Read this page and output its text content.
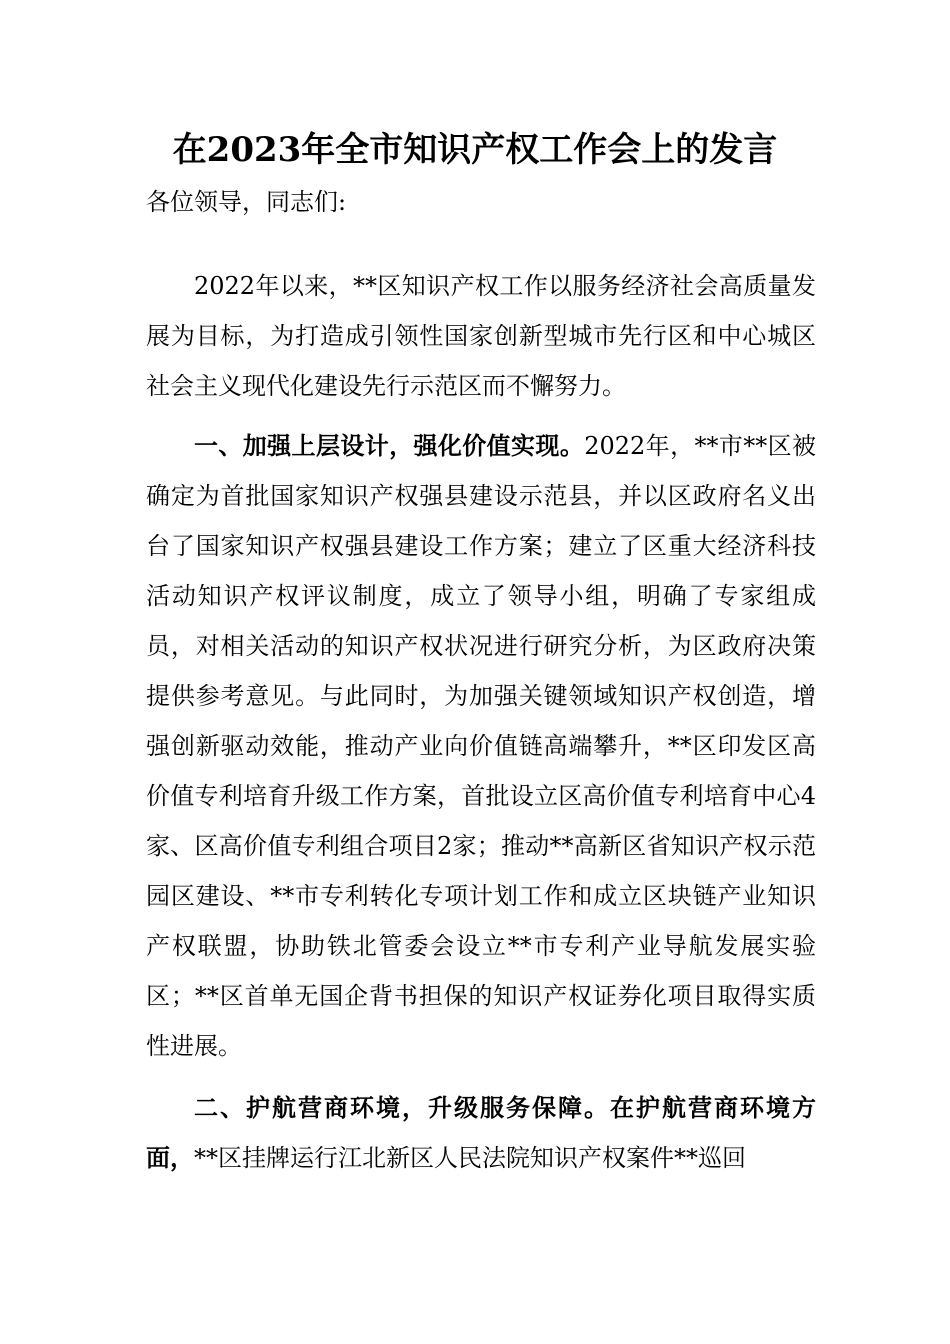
在2023年全市知识产权工作会上的发言
各位领导，同志们:
2022年以来，**区知识产权工作以服务经济社会高质量发展为目标，为打造成引领性国家创新型城市先行区和中心城区社会主义现代化建设先行示范区而不懈努力。
一、加强上层设计，强化价值实现。2022年，**市**区被确定为首批国家知识产权强县建设示范县，并以区政府名义出台了国家知识产权强县建设工作方案；建立了区重大经济科技活动知识产权评议制度，成立了领导小组，明确了专家组成员，对相关活动的知识产权状况进行研究分析，为区政府决策提供参考意见。与此同时，为加强关键领域知识产权创造，增强创新驱动效能，推动产业向价值链高端攀升，**区印发区高价值专利培育升级工作方案，首批设立区高价值专利培育中心4家、区高价值专利组合项目2家；推动**高新区省知识产权示范园区建设、**市专利转化专项计划工作和成立区块链产业知识产权联盟，协助铁北管委会设立**市专利产业导航发展实验区；**区首单无国企背书担保的知识产权证券化项目取得实质性进展。
二、护航营商环境，升级服务保障。在护航营商环境方面，**区挂牌运行江北新区人民法院知识产权案件**巡回
